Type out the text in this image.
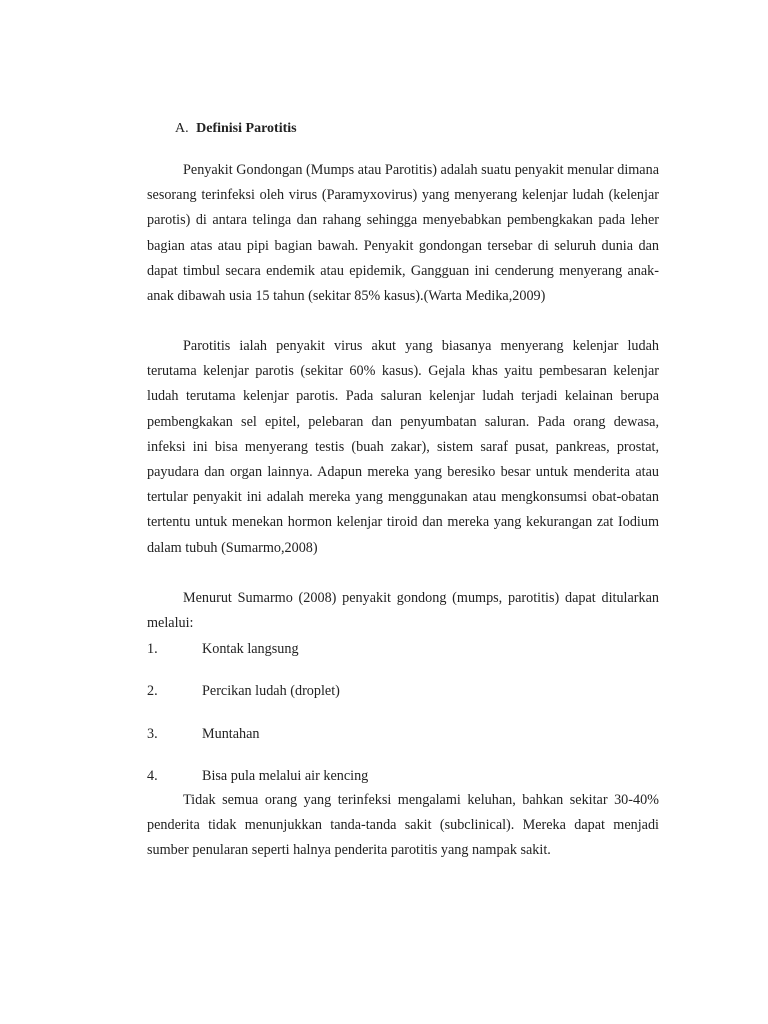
A. Definisi Parotitis

Penyakit Gondongan (Mumps atau Parotitis) adalah suatu penyakit menular dimana sesorang terinfeksi oleh virus (Paramyxovirus) yang menyerang kelenjar ludah (kelenjar parotis) di antara telinga dan rahang sehingga menyebabkan pembengkakan pada leher bagian atas atau pipi bagian bawah. Penyakit gondongan tersebar di seluruh dunia dan dapat timbul secara endemik atau epidemik, Gangguan ini cenderung menyerang anak-anak dibawah usia 15 tahun (sekitar 85% kasus).(Warta Medika,2009)

Parotitis ialah penyakit virus akut yang biasanya menyerang kelenjar ludah terutama kelenjar parotis (sekitar 60% kasus). Gejala khas yaitu pembesaran kelenjar ludah terutama kelenjar parotis. Pada saluran kelenjar ludah terjadi kelainan berupa pembengkakan sel epitel, pelebaran dan penyumbatan saluran. Pada orang dewasa, infeksi ini bisa menyerang testis (buah zakar), sistem saraf pusat, pankreas, prostat, payudara dan organ lainnya. Adapun mereka yang beresiko besar untuk menderita atau tertular penyakit ini adalah mereka yang menggunakan atau mengkonsumsi obat-obatan tertentu untuk menekan hormon kelenjar tiroid dan mereka yang kekurangan zat Iodium dalam tubuh (Sumarmo,2008)

Menurut Sumarmo (2008) penyakit gondong (mumps, parotitis) dapat ditularkan melalui:

1.	Kontak langsung
2.	Percikan ludah (droplet)
3.	Muntahan
4.	Bisa pula melalui air kencing

Tidak semua orang yang terinfeksi mengalami keluhan, bahkan sekitar 30-40% penderita tidak menunjukkan tanda-tanda sakit (subclinical). Mereka dapat menjadi sumber penularan seperti halnya penderita parotitis yang nampak sakit.
